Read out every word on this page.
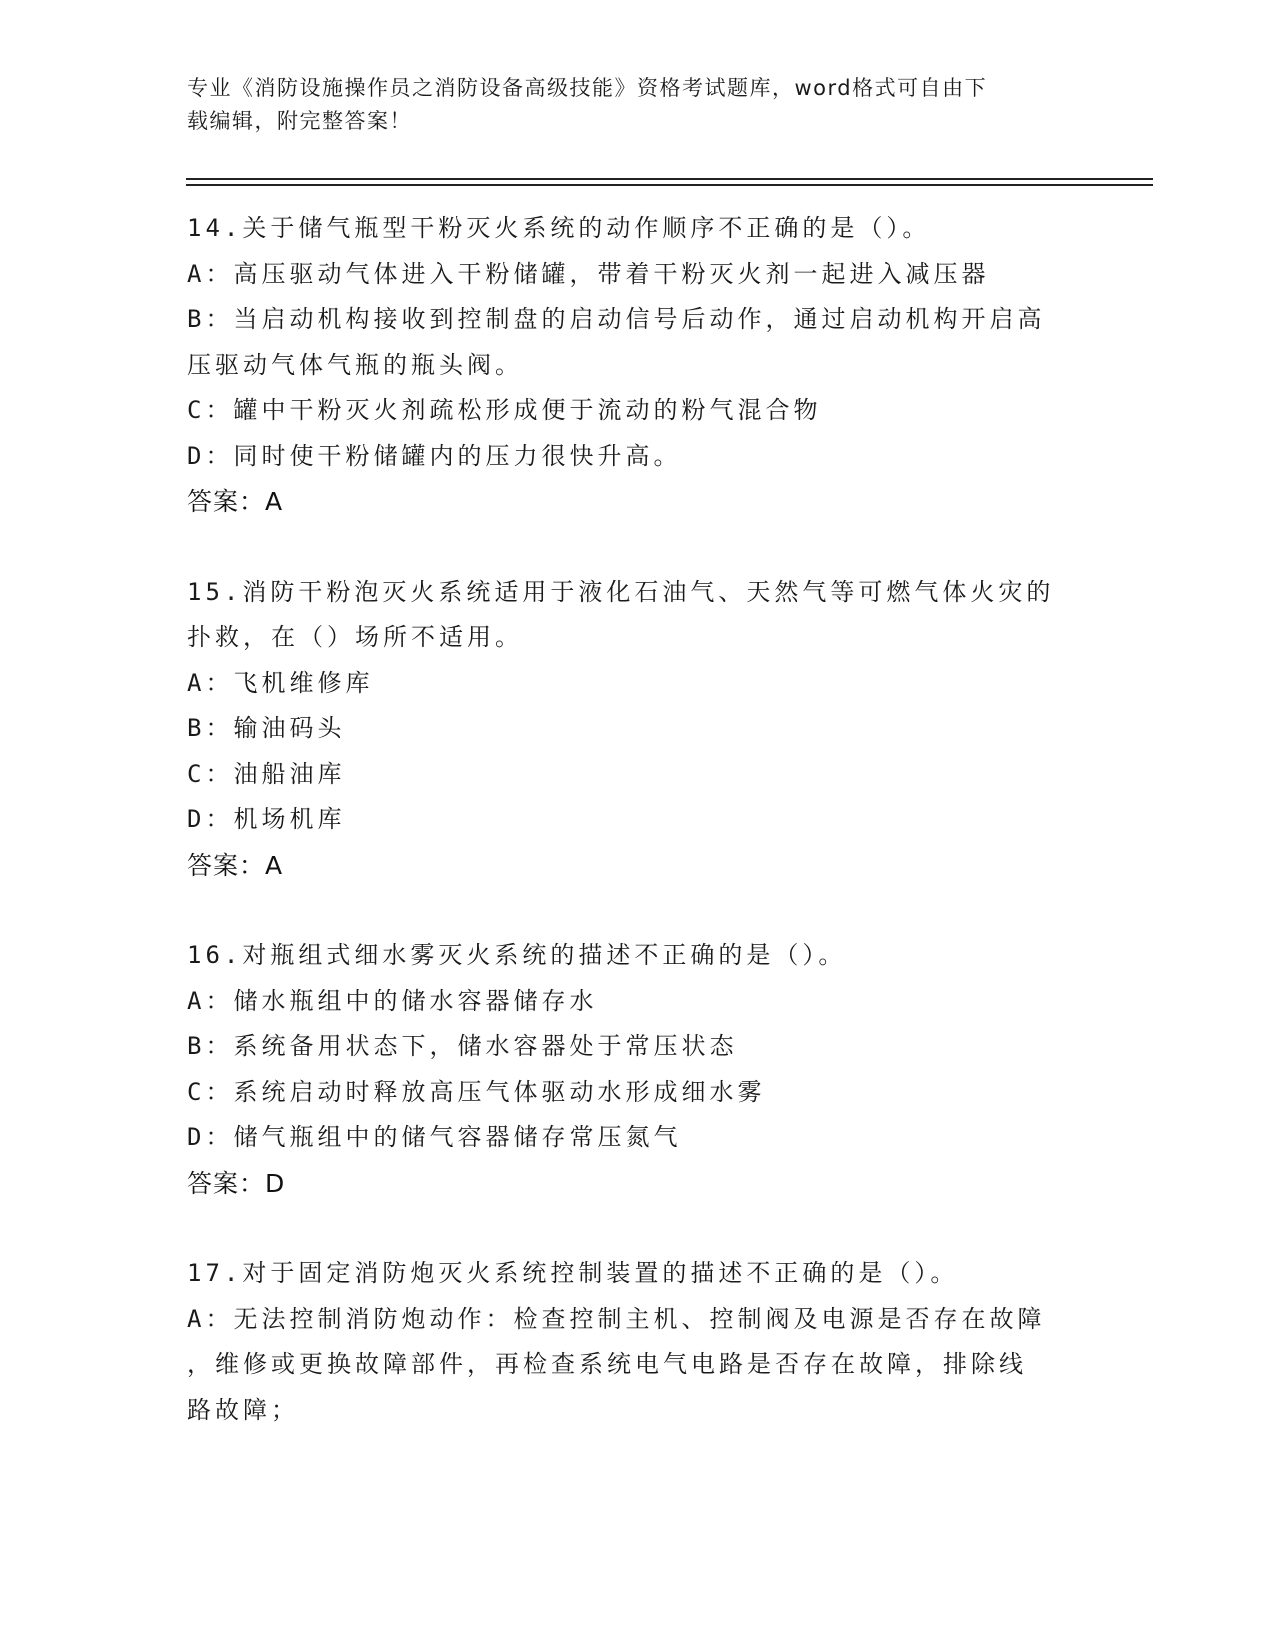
专业《消防设施操作员之消防设备高级技能》资格考试题库，word格式可自由下
载编辑，附完整答案！
14.关于储气瓶型干粉灭火系统的动作顺序不正确的是（）。
A：高压驱动气体进入干粉储罐，带着干粉灭火剂一起进入减压器
B：当启动机构接收到控制盘的启动信号后动作，通过启动机构开启高
压驱动气体气瓶的瓶头阀。
C：罐中干粉灭火剂疏松形成便于流动的粉气混合物
D：同时使干粉储罐内的压力很快升高。
答案：A
15.消防干粉泡灭火系统适用于液化石油气、天然气等可燃气体火灾的
扑救，在（）场所不适用。
A：飞机维修库
B：输油码头
C：油船油库
D：机场机库
答案：A
16.对瓶组式细水雾灭火系统的描述不正确的是（）。
A：储水瓶组中的储水容器储存水
B：系统备用状态下，储水容器处于常压状态
C：系统启动时释放高压气体驱动水形成细水雾
D：储气瓶组中的储气容器储存常压氮气
答案：D
17.对于固定消防炮灭火系统控制装置的描述不正确的是（）。
A：无法控制消防炮动作：检查控制主机、控制阀及电源是否存在故障
，维修或更换故障部件，再检查系统电气电路是否存在故障，排除线
路故障；
